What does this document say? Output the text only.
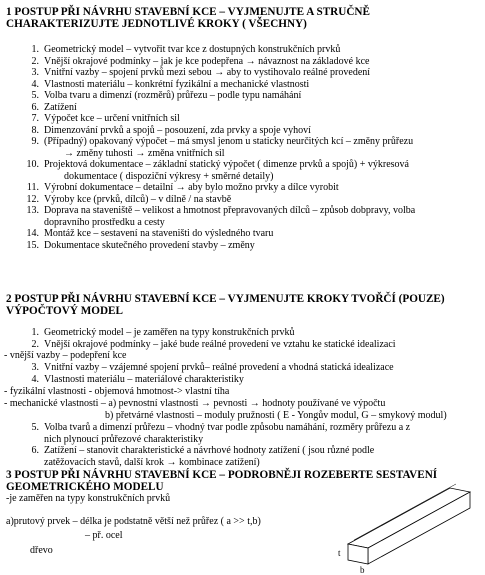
1 POSTUP PŘI NÁVRHU STAVEBNÍ KCE – VYJMENUJTE A STRUČNĚ
CHARAKTERIZUJTE JEDNOTLIVÉ KROKY ( VŠECHNY)
1. Geometrický model – vytvořit tvar kce z dostupných konstrukčních prvků
2. Vnější okrajové podmínky – jak je kce podepřena → návaznost na základové kce
3. Vnitřní vazby – spojení prvků mezi sebou → aby to vystihovalo reálné provedení
4. Vlastnosti materiálu – konkrétní fyzikální a mechanické vlastnosti
5. Volba tvaru a dimenzí (rozměrů) průřezu – podle typu namáhání
6. Zatížení
7. Výpočet kce – určení vnitřních sil
8. Dimenzování prvků a spojů – posouzení, zda prvky a spoje vyhoví
9. (Případný) opakovaný výpočet – má smysl jenom u staticky neurčitých kcí – změny průřezu
→ změny tuhosti → změna vnitřních sil
10. Projektová dokumentace – základní statický výpočet ( dimenze prvků a spojů) + výkresová
dokumentace ( dispoziční výkresy + směrné detaily)
11. Výrobní dokumentace – detailní → aby bylo možno prvky a dílce vyrobit
12. Výroby kce (prvků, dílců) – v dílně / na stavbě
13. Doprava na staveniště – velikost a hmotnost přepravovaných dílců – způsob dobpravy, volba
dopravního prostředku a cesty
14. Montáž kce – sestavení na staveništi do výsledného tvaru
15. Dokumentace skutečného provedení stavby – změny
2 POSTUP PŘI NÁVRHU STAVEBNÍ KCE – VYJMENUJTE KROKY TVOŘČÍ (POUZE)
VÝPOČTOVÝ MODEL
1. Geometrický model – je zaměřen na typy konstrukčních prvků
2. Vnější okrajové podmínky – jaké bude reálné provedení ve vztahu ke statické idealizaci
- vnější vazby – podepření kce
3. Vnitřní vazby – vzájemné spojení prvků– reálné provedení a vhodná statická idealizace
4. Vlastnosti materiálu – materiálové charakteristiky
- fyzikální vlastnosti - objemová hmotnost-> vlastní tíha
- mechanické vlastnosti – a) pevnostní vlastnosti → pevnosti → hodnoty používané ve výpočtu
b) přetvárné vlastnosti – moduly pružnosti ( E - Yongův modul, G – smykový modul)
5. Volba tvarů a dimenzí průřezu – vhodný tvar podle způsobu namáhání, rozměry průřezu a z
nich plynoucí průřezové charakteristiky
6. Zatížení – stanovit charakteristické a návrhové hodnoty zatížení ( jsou různé podle
zatěžovacích stavů, další krok → kombinace zatížení)
3 POSTUP PŘI NÁVRHU STAVEBNÍ KCE – PODROBNĚJI ROZEBERTE SESTAVENÍ
GEOMETRICKÉHO MODELU
-je zaměřen na typy konstrukčních prvků
a)prutový prvek – délka je podstatně větší než průřez ( a >> t,b)
– př. ocel
dřevo	t
b
